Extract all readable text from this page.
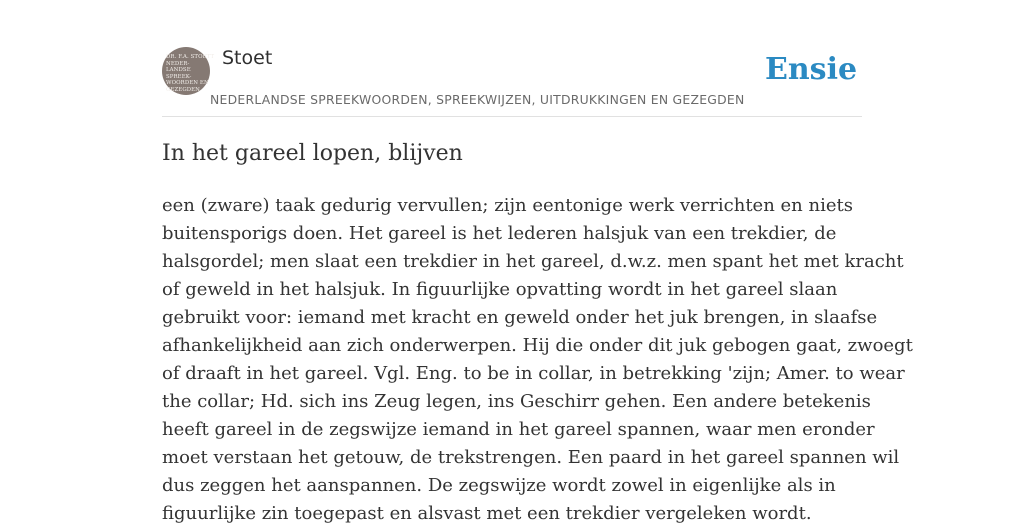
DR. F.A. STOETT
NEDER-
LANDSE
SPREEK-
WOORDEN EN
GEZEGDEN
Stoet
NEDERLANDSE SPREEKWOORDEN, SPREEKWIJZEN, UITDRUKKINGEN EN GEZEGDEN
Ensie
In het gareel lopen, blijven
een (zware) taak gedurig vervullen; zijn eentonige werk verrichten en niets
buitensporigs doen. Het gareel is het lederen halsjuk van een trekdier, de
halsgordel; men slaat een trekdier in het gareel, d.w.z. men spant het met kracht
of geweld in het halsjuk. In figuurlijke opvatting wordt in het gareel slaan
gebruikt voor: iemand met kracht en geweld onder het juk brengen, in slaafse
afhankelijkheid aan zich onderwerpen. Hij die onder dit juk gebogen gaat, zwoegt
of draaft in het gareel. Vgl. Eng. to be in collar, in betrekking 'zijn; Amer. to wear
the collar; Hd. sich ins Zeug legen, ins Geschirr gehen. Een andere betekenis
heeft gareel in de zegswijze iemand in het gareel spannen, waar men eronder
moet verstaan het getouw, de trekstrengen. Een paard in het gareel spannen wil
dus zeggen het aanspannen. De zegswijze wordt zowel in eigenlijke als in
figuurlijke zin toegepast en alsvast met een trekdier vergeleken wordt.
